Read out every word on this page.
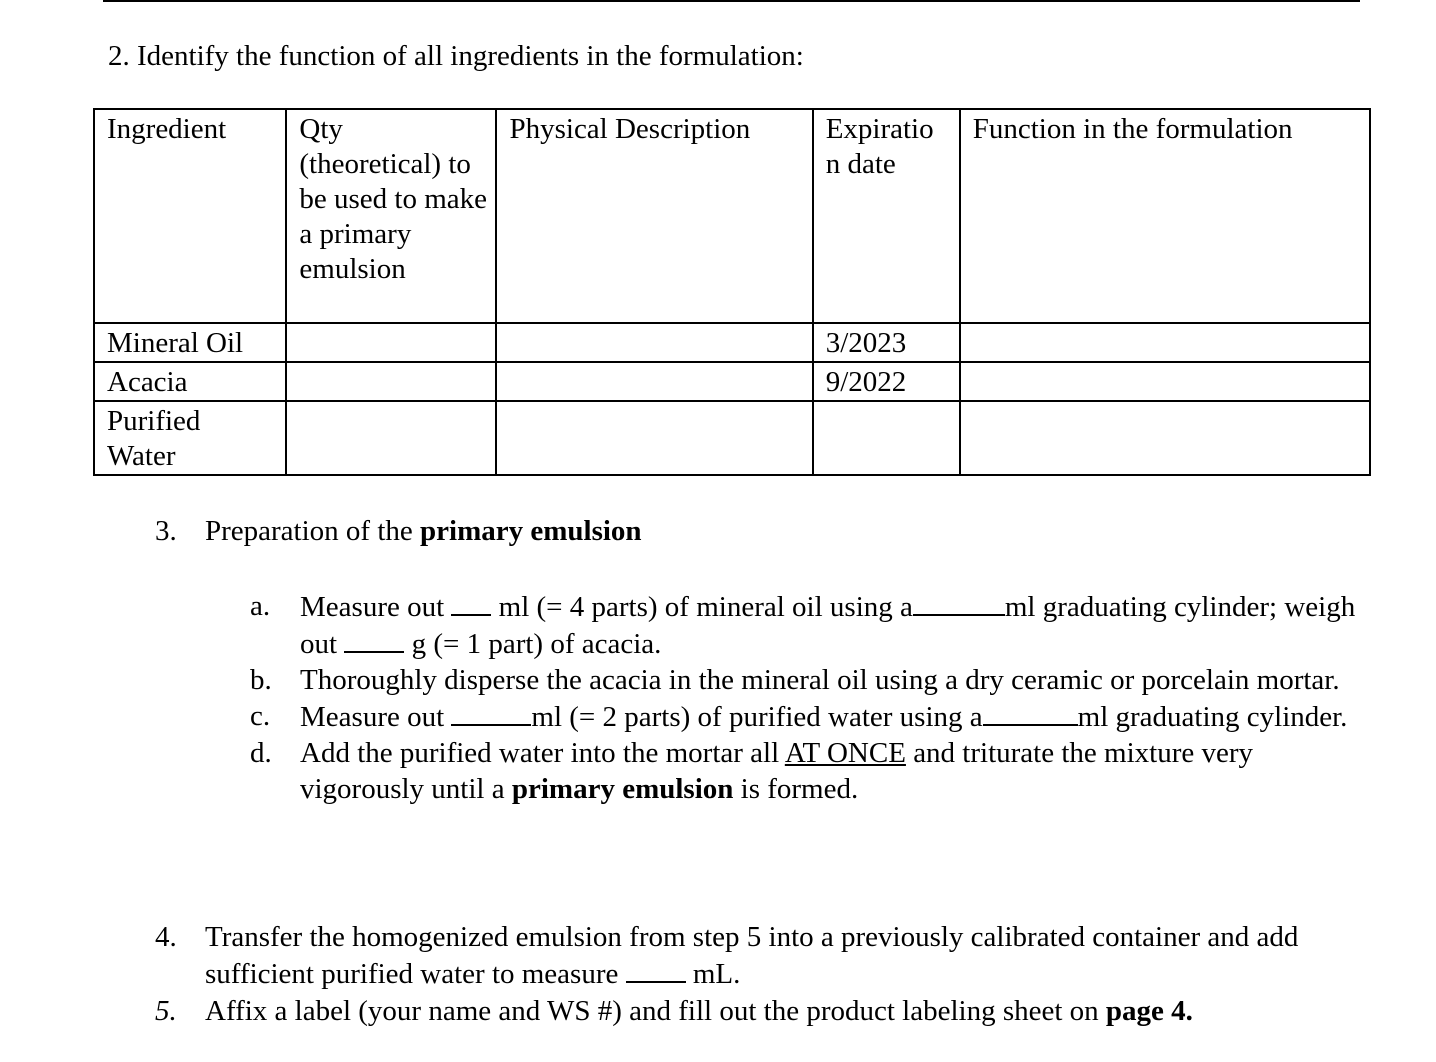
2. Identify the function of all ingredients in the formulation:
Ingredient	Qty (theoretical) to be used to make a primary emulsion	Physical Description	Expiration date	Function in the formulation
Mineral Oil			3/2023	
Acacia			9/2022	
Purified Water				
3. Preparation of the primary emulsion
a.	Measure out  ml (= 4 parts) of mineral oil using a	ml graduating cylinder; weigh out  g (= 1 part) of acacia.
b. Thoroughly disperse the acacia in the mineral oil using a dry ceramic or porcelain mortar.
c.	Measure out	ml (= 2 parts) of purified water using a	ml graduating cylinder.
d. Add the purified water into the mortar all AT ONCE and triturate the mixture very vigorously until a primary emulsion is formed.
4. Transfer the homogenized emulsion from step 5 into a previously calibrated container and add sufficient purified water to measure  mL.
5. Affix a label (your name and WS #) and fill out the product labeling sheet on page 4.
